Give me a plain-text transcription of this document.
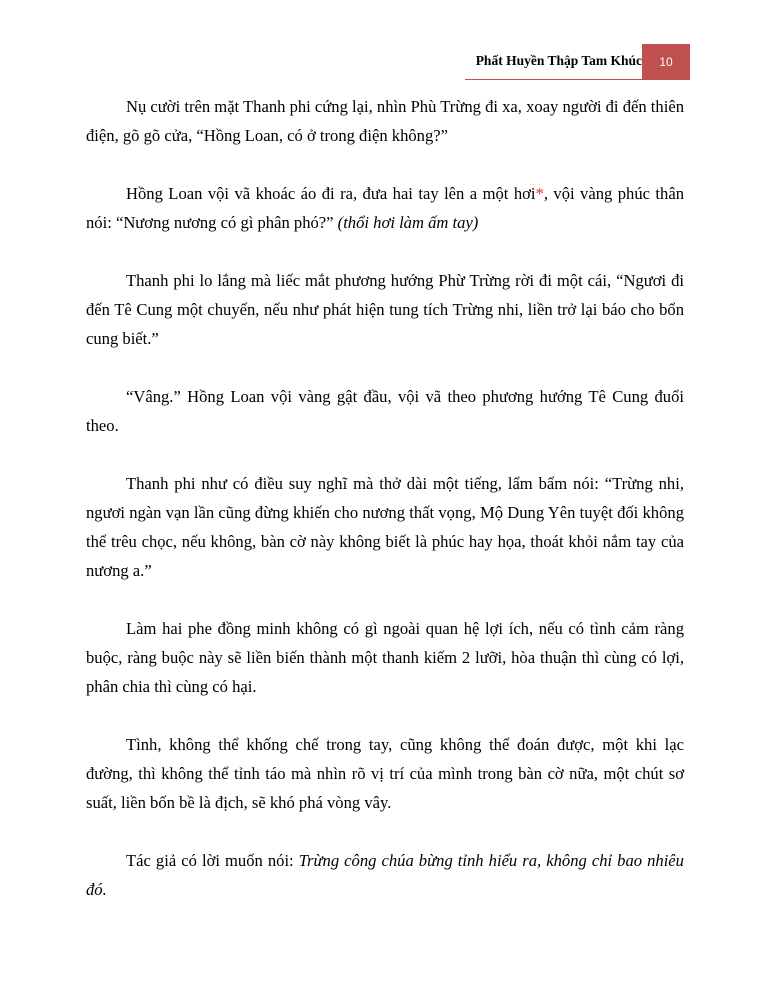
Phất Huyền Thập Tam Khúc	10

Nụ cười trên mặt Thanh phi cứng lại, nhìn Phù Trừng đi xa, xoay người đi đến thiên điện, gõ gõ cửa, “Hồng Loan, có ở trong điện không?”

Hồng Loan vội vã khoác áo đi ra, đưa hai tay lên a một hơi*, vội vàng phúc thân nói: “Nương nương có gì phân phó?” (thổi hơi làm ấm tay)

Thanh phi lo lắng mà liếc mắt phương hướng Phừ Trừng rời đi một cái, “Ngươi đi đến Tê Cung một chuyến, nếu như phát hiện tung tích Trừng nhi, liền trở lại báo cho bổn cung biết.”

“Vâng.” Hồng Loan vội vàng gật đầu, vội vã theo phương hướng Tê Cung đuổi theo.

Thanh phi như có điều suy nghĩ mà thở dài một tiếng, lẩm bẩm nói: “Trừng nhi, ngươi ngàn vạn lần cũng đừng khiến cho nương thất vọng, Mộ Dung Yên tuyệt đối không thể trêu chọc, nếu không, bàn cờ này không biết là phúc hay họa, thoát khỏi nắm tay của nương a.”

Làm hai phe đồng minh không có gì ngoài quan hệ lợi ích, nếu có tình cảm ràng buộc, ràng buộc này sẽ liền biến thành một thanh kiếm 2 lưỡi, hòa thuận thì cùng có lợi, phân chia thì cùng có hại.

Tình, không thể khống chế trong tay, cũng không thể đoán được, một khi lạc đường, thì không thể tỉnh táo mà nhìn rõ vị trí của mình trong bàn cờ nữa, một chút sơ suất, liền bốn bề là địch, sẽ khó phá vòng vây.

Tác giả có lời muốn nói: Trừng công chúa bừng tỉnh hiểu ra, không chỉ bao nhiêu đó.
